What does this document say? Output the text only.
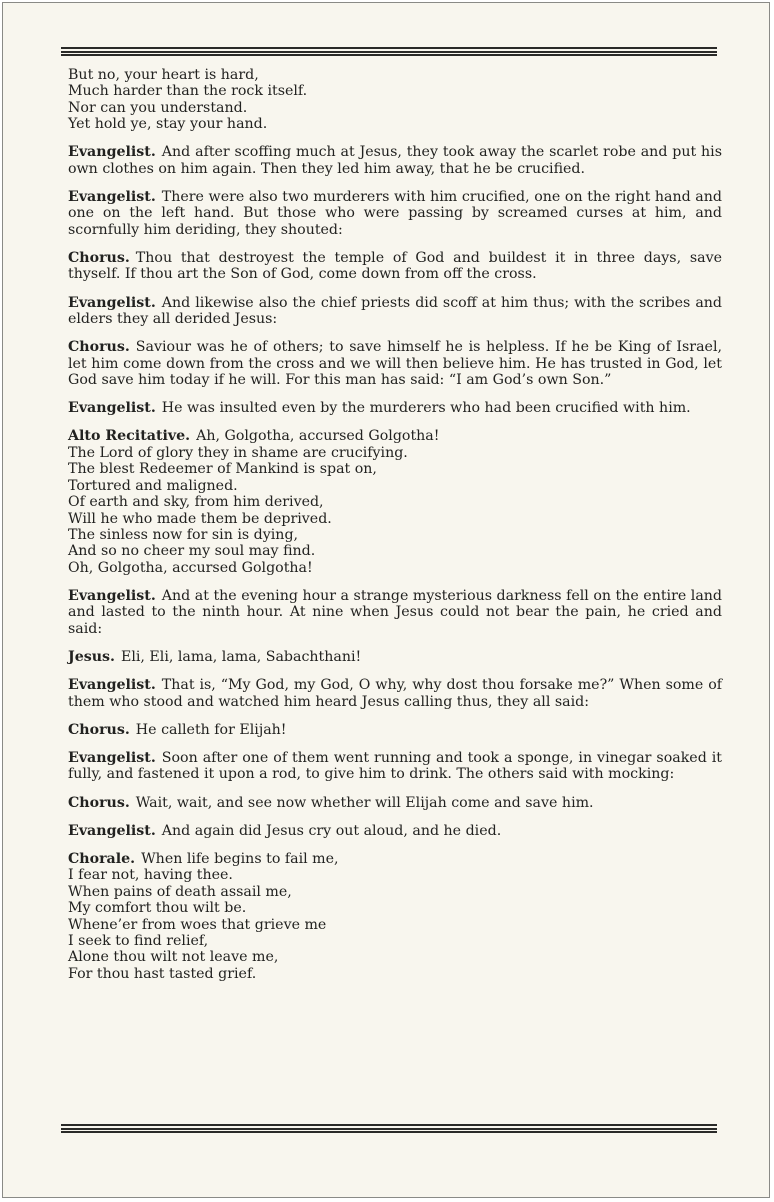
But no, your heart is hard,
Much harder than the rock itself.
Nor can you understand.
Yet hold ye, stay your hand.

Evangelist. And after scoffing much at Jesus, they took away the scarlet robe and put his own clothes on him again. Then they led him away, that he be crucified.

Evangelist. There were also two murderers with him crucified, one on the right hand and one on the left hand. But those who were passing by screamed curses at him, and scornfully him deriding, they shouted:

Chorus. Thou that destroyest the temple of God and buildest it in three days, save thyself. If thou art the Son of God, come down from off the cross.

Evangelist. And likewise also the chief priests did scoff at him thus; with the scribes and elders they all derided Jesus:

Chorus. Saviour was he of others; to save himself he is helpless. If he be King of Israel, let him come down from the cross and we will then believe him. He has trusted in God, let God save him today if he will. For this man has said: “I am God’s own Son.”

Evangelist. He was insulted even by the murderers who had been crucified with him.

Alto Recitative. Ah, Golgotha, accursed Golgotha!
The Lord of glory they in shame are crucifying.
The blest Redeemer of Mankind is spat on,
Tortured and maligned.
Of earth and sky, from him derived,
Will he who made them be deprived.
The sinless now for sin is dying,
And so no cheer my soul may find.
Oh, Golgotha, accursed Golgotha!

Evangelist. And at the evening hour a strange mysterious darkness fell on the entire land and lasted to the ninth hour. At nine when Jesus could not bear the pain, he cried and said:

Jesus. Eli, Eli, lama, lama, Sabachthani!

Evangelist. That is, “My God, my God, O why, why dost thou forsake me?” When some of them who stood and watched him heard Jesus calling thus, they all said:

Chorus. He calleth for Elijah!

Evangelist. Soon after one of them went running and took a sponge, in vinegar soaked it fully, and fastened it upon a rod, to give him to drink. The others said with mocking:

Chorus. Wait, wait, and see now whether will Elijah come and save him.

Evangelist. And again did Jesus cry out aloud, and he died.

Chorale. When life begins to fail me,
I fear not, having thee.
When pains of death assail me,
My comfort thou wilt be.
Whene’er from woes that grieve me
I seek to find relief,
Alone thou wilt not leave me,
For thou hast tasted grief.
